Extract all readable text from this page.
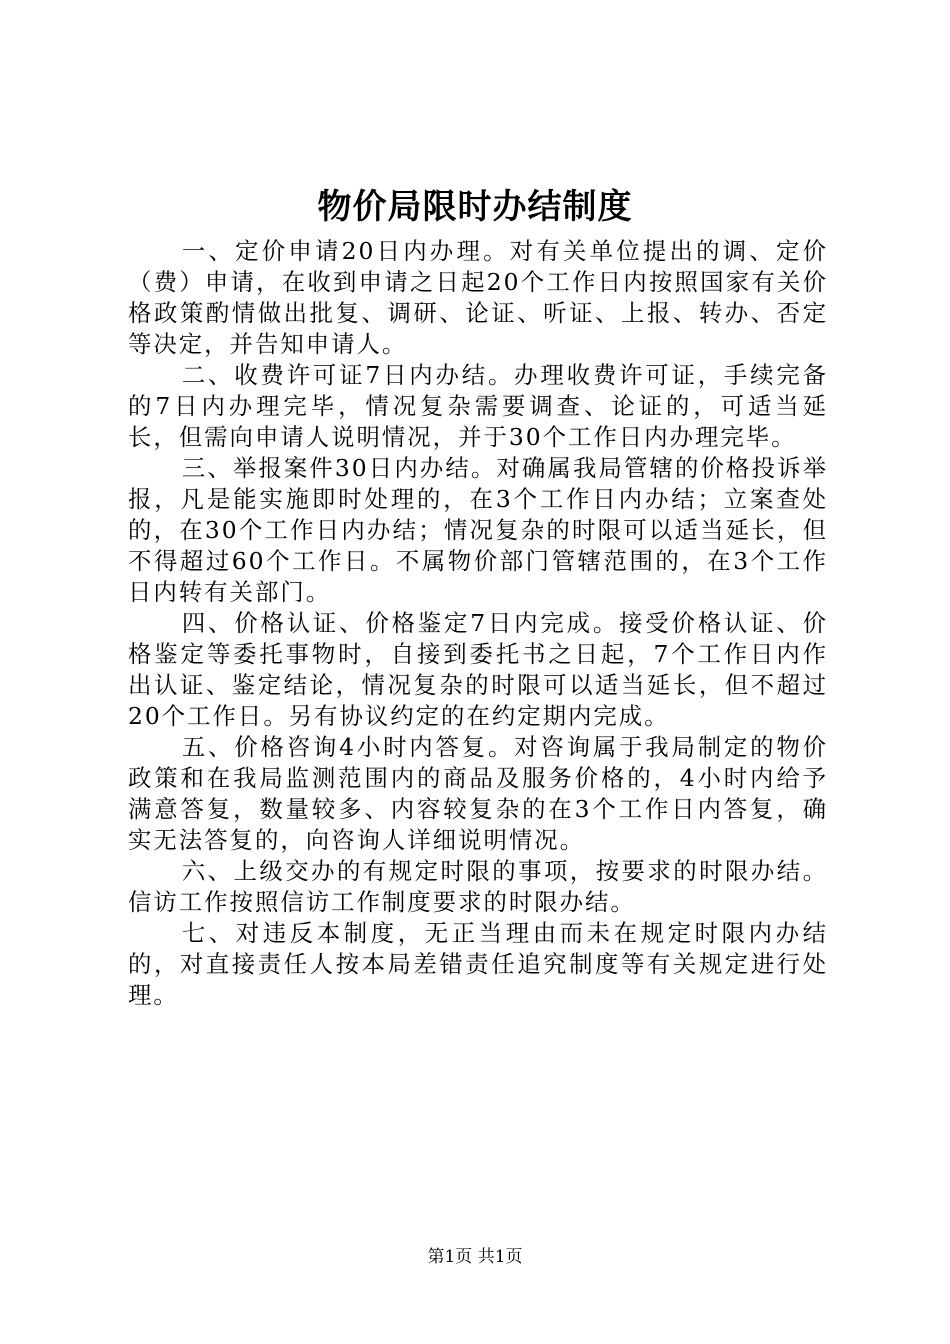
物价局限时办结制度

一、定价申请20日内办理。对有关单位提出的调、定价（费）申请，在收到申请之日起20个工作日内按照国家有关价格政策酌情做出批复、调研、论证、听证、上报、转办、否定等决定，并告知申请人。

二、收费许可证7日内办结。办理收费许可证，手续完备的7日内办理完毕，情况复杂需要调查、论证的，可适当延长，但需向申请人说明情况，并于30个工作日内办理完毕。

三、举报案件30日内办结。对确属我局管辖的价格投诉举报，凡是能实施即时处理的，在3个工作日内办结；立案查处的，在30个工作日内办结；情况复杂的时限可以适当延长，但不得超过60个工作日。不属物价部门管辖范围的，在3个工作日内转有关部门。

四、价格认证、价格鉴定7日内完成。接受价格认证、价格鉴定等委托事物时，自接到委托书之日起，7个工作日内作出认证、鉴定结论，情况复杂的时限可以适当延长，但不超过20个工作日。另有协议约定的在约定期内完成。

五、价格咨询4小时内答复。对咨询属于我局制定的物价政策和在我局监测范围内的商品及服务价格的，4小时内给予满意答复，数量较多、内容较复杂的在3个工作日内答复，确实无法答复的，向咨询人详细说明情况。

六、上级交办的有规定时限的事项，按要求的时限办结。信访工作按照信访工作制度要求的时限办结。

七、对违反本制度，无正当理由而未在规定时限内办结的，对直接责任人按本局差错责任追究制度等有关规定进行处理。

第1页 共1页
